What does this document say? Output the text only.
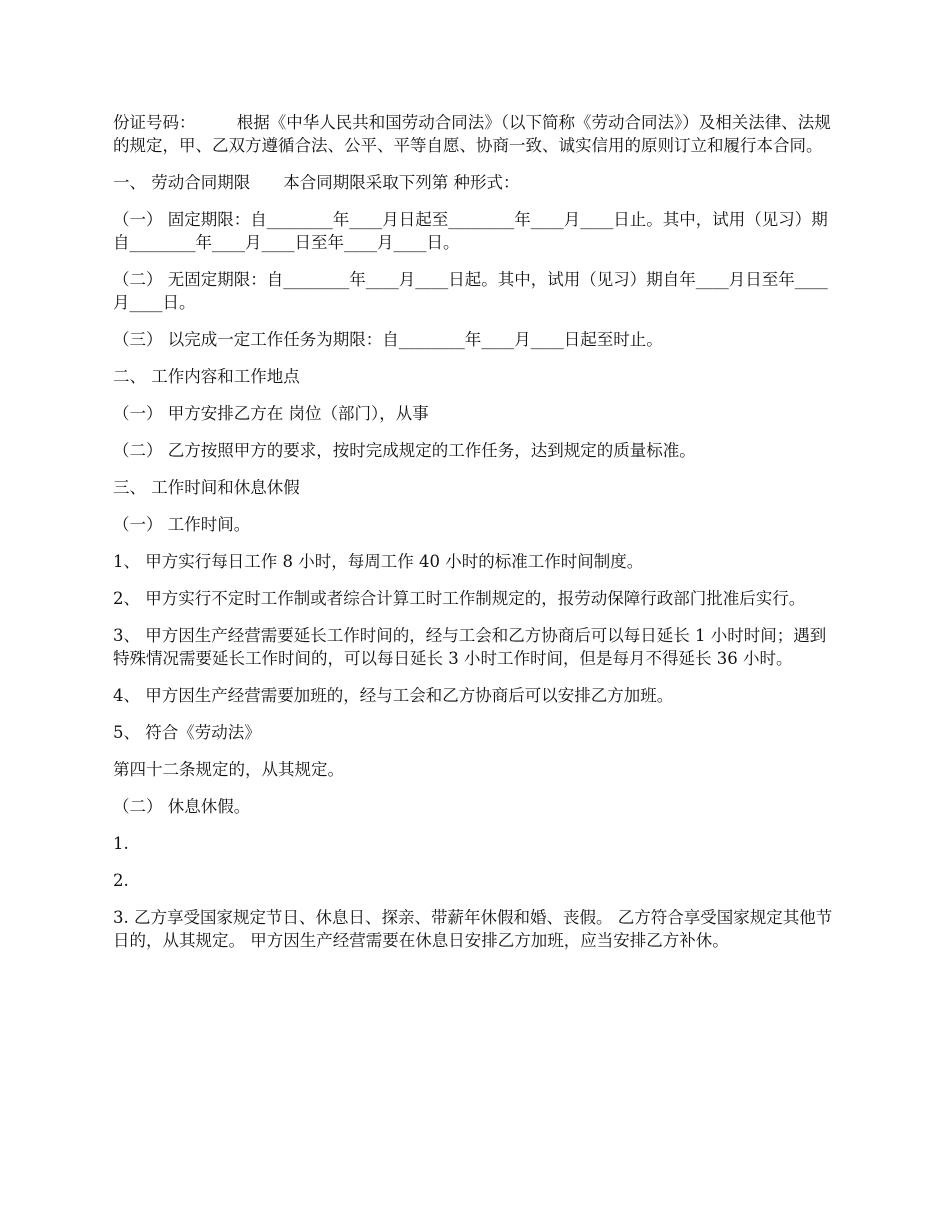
份证号码：　　　根据《中华人民共和国劳动合同法》（以下简称《劳动合同法》）及相关法律、法规的规定，甲、乙双方遵循合法、公平、平等自愿、协商一致、诚实信用的原则订立和履行本合同。

一、 劳动合同期限　　本合同期限采取下列第 种形式：

（一） 固定期限：自________年____月日起至________年____月____日止。其中，试用（见习）期自________年____月____日至年____月____日。

（二） 无固定期限：自________年____月____日起。其中，试用（见习）期自年____月日至年____月____日。

（三） 以完成一定工作任务为期限：自________年____月____日起至时止。

二、 工作内容和工作地点

（一） 甲方安排乙方在 岗位（部门），从事

（二） 乙方按照甲方的要求，按时完成规定的工作任务，达到规定的质量标准。

三、 工作时间和休息休假

（一） 工作时间。

1、 甲方实行每日工作 8 小时，每周工作 40 小时的标准工作时间制度。

2、 甲方实行不定时工作制或者综合计算工时工作制规定的，报劳动保障行政部门批准后实行。

3、 甲方因生产经营需要延长工作时间的，经与工会和乙方协商后可以每日延长 1 小时时间；遇到特殊情况需要延长工作时间的，可以每日延长 3 小时工作时间，但是每月不得延长 36 小时。

4、 甲方因生产经营需要加班的，经与工会和乙方协商后可以安排乙方加班。

5、 符合《劳动法》

第四十二条规定的，从其规定。

（二） 休息休假。

1.

2.

3. 乙方享受国家规定节日、休息日、探亲、带薪年休假和婚、丧假。 乙方符合享受国家规定其他节日的，从其规定。 甲方因生产经营需要在休息日安排乙方加班，应当安排乙方补休。
